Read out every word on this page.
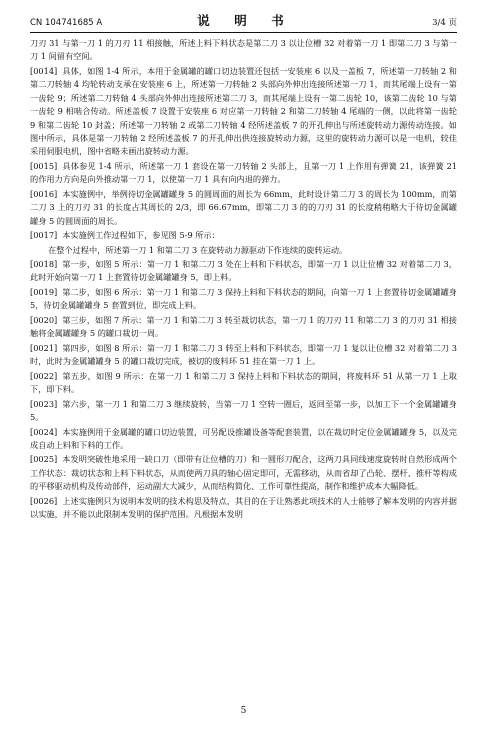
CN 104741685 A	说　明　书	3/4 页

刀刃 31 与第一刀 1 的刀刃 11 相接触，所述上料下料状态是第二刀 3 以让位槽 32 对着第一刀 1 即第二刀 3 与第一刀 1 间留有空间。

[0014] 具体，如图 1-4 所示，本用于金属罐的罐口切边装置还包括一安装座 6 以及一盖板 7，所述第一刀转轴 2 和第二刀转轴 4 均轮转动支承在安装座 6 上，所述第一刀转轴 2 头部向外伸出连接所述第一刀 1，而其尾端上设有一第一齿轮 9；所述第二刀转轴 4 头部向外伸出连接所述第二刀 3，而其尾端上设有一第二齿轮 10，该第二齿轮 10 与第一齿轮 9 相啮合传动。所述盖板 7 设置于安装座 6 对应第一刀转轴 2 和第二刀转轴 4 尾端的一侧，以此将第一齿轮 9 和第二齿轮 10 封盖；所述第一刀转轴 2 或第二刀转轴 4 经所述盖板 7 的开孔伸出与所述旋转动力源传动连接。如图中所示，具体是第一刀转轴 2 经所述盖板 7 的开孔伸出供连接旋转动力源，这里的旋转动力源可以是一电机，较佳采用伺服电机，图中省略未画出旋转动力源。

[0015] 具体参见 1-4 所示，所述第一刀 1 套设在第一刀转轴 2 头部上，且第一刀 1 上作用有弹簧 21，该弹簧 21 的作用力方向是向外推动第一刀 1，以使第一刀 1 具有向内退的弹力。

[0016] 本实施例中，举例待切金属罐罐身 5 的圆周面的周长为 66mm，此时设计第二刀 3 的周长为 100mm，而第二刀 3 上的刀刃 31 的长度占其周长的 2/3，即 66.67mm，即第二刀 3 的的刀刃 31 的长度稍稍略大于待切金属罐罐身 5 的圆周面的周长。

[0017] 本实施例工作过程如下，参见图 5-9 所示：

在整个过程中，所述第一刀 1 和第二刀 3 在旋转动力源驱动下作连续的旋转运动。

[0018] 第一步，如图 5 所示：第一刀 1 和第二刀 3 处在上料和下料状态，即第一刀 1 以让位槽 32 对着第二刀 3，此时开始向第一刀 1 上套置待切金属罐罐身 5，即上料。

[0019] 第二步，如图 6 所示：第一刀 1 和第二刀 3 保持上料和下料状态的期间，向第一刀 1 上套置待切金属罐罐身 5，待切金属罐罐身 5 套置到位，即完成上料。

[0020] 第三步，如图 7 所示：第一刀 1 和第二刀 3 转至裁切状态，第一刀 1 的刀刃 11 和第二刀 3 的刀刃 31 相接触将金属罐罐身 5 的罐口裁切一周。

[0021] 第四步，如图 8 所示：第一刀 1 和第二刀 3 转至上料和下料状态，即第一刀 1 复以让位槽 32 对着第二刀 3 时，此时为金属罐罐身 5 的罐口裁切完成，被切的废料环 51 挂在第一刀 1 上。

[0022] 第五步，如图 9 所示：在第一刀 1 和第二刀 3 保持上料和下料状态的期间，将废料环 51 从第一刀 1 上取下，即下料。

[0023] 第六步，第一刀 1 和第二刀 3 继续旋转，当第一刀 1 空转一圈后，返回至第一步，以加工下一个金属罐罐身 5。

[0024] 本实施例用于金属罐的罐口切边装置，可另配设推罐设备等配套装置，以在裁切时定位金属罐罐身 5，以及完成自动上料和下料的工作。

[0025] 本发明突破性地采用一缺口刀（即带有让位槽的刀）和一圆形刀配合，这两刀具同线速度旋转时自然形成两个工作状态：裁切状态和上料下料状态，从而使两刀具的轴心固定即可，无需移动，从而省却了凸轮、摆杆、推杆等构成的平移驱动机构及传动部件，运动副大大减少，从而结构简化、工作可靠性提高，制作和维护成本大幅降低。

[0026] 上述实施例只为说明本发明的技术构思及特点，其目的在于让熟悉此项技术的人士能够了解本发明的内容并据以实施，并不能以此限制本发明的保护范围。凡根据本发明

5
